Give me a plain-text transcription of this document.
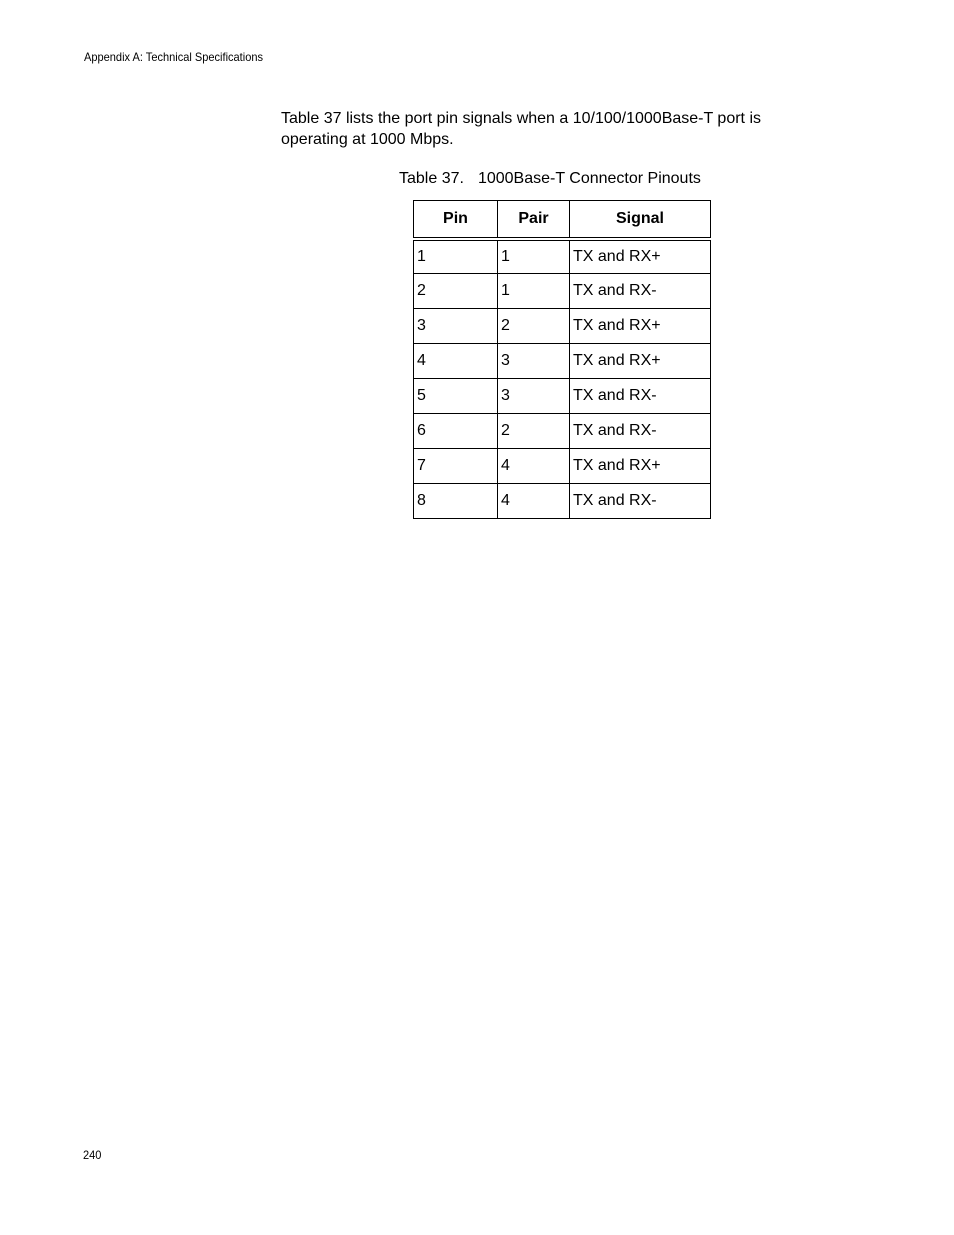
Appendix A: Technical Specifications

Table 37 lists the port pin signals when a 10/100/1000Base-T port is operating at 1000 Mbps.

Table 37. 1000Base-T Connector Pinouts
Pin	Pair	Signal
1	1	TX and RX+
2	1	TX and RX-
3	2	TX and RX+
4	3	TX and RX+
5	3	TX and RX-
6	2	TX and RX-
7	4	TX and RX+
8	4	TX and RX-
240
